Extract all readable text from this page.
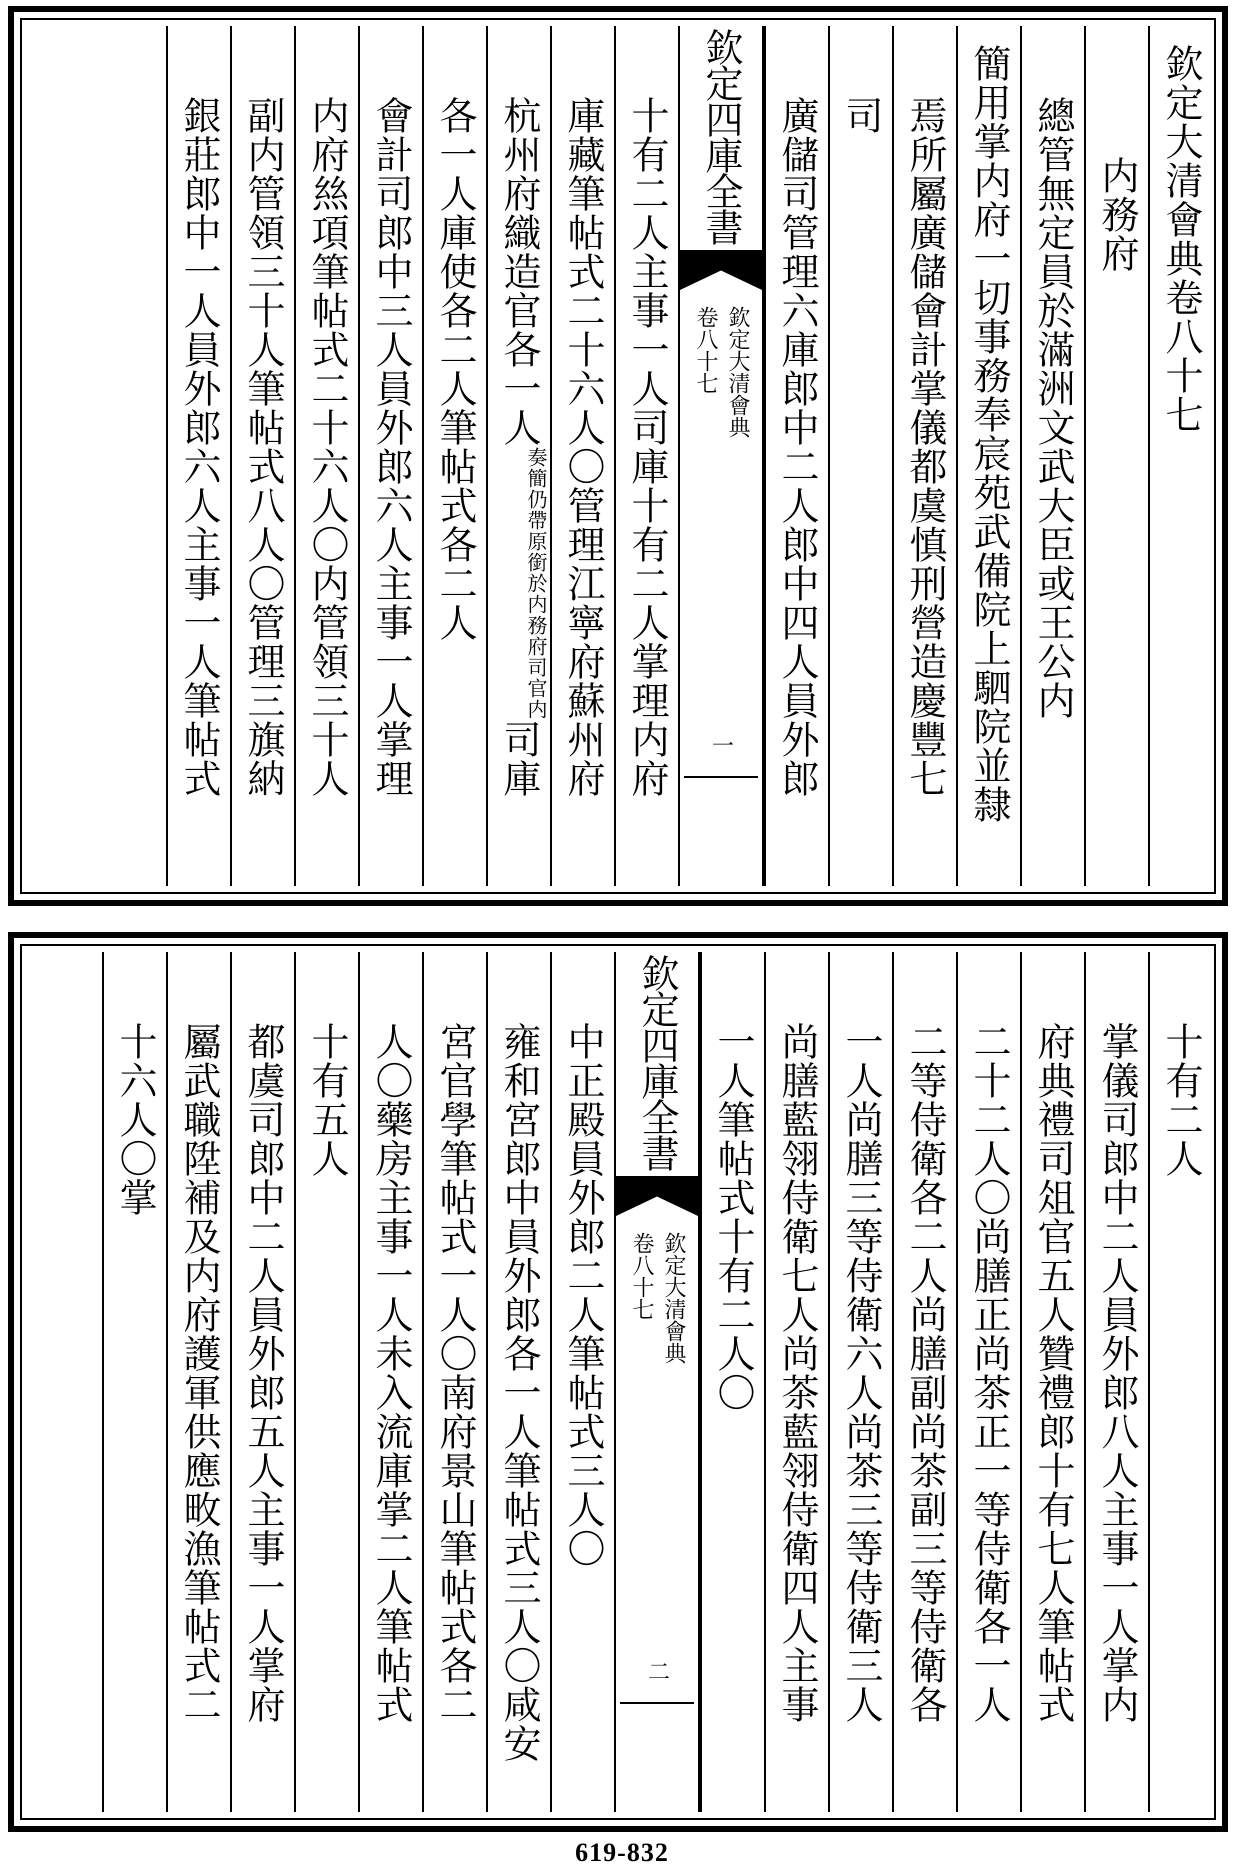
欽定大清會典卷八十七
内務府
總管無定員於滿洲文武大臣或王公内
簡用掌内府一切事務奉宸苑武備院上駟院並隸
焉所屬廣儲會計掌儀都虞慎刑營造慶豐七
司
廣儲司管理六庫郎中二人郎中四人員外郎
欽定四庫全書
欽定大清會典
卷八十七
一
十有二人主事一人司庫十有二人掌理内府
庫藏筆帖式二十六人〇管理江寧府蘇州府
杭州府織造官各一人
於内務府司官内
奏簡仍帶原銜
司庫
各一人庫使各二人筆帖式各二人
會計司郎中三人員外郎六人主事一人掌理
内府𢇁項筆帖式二十六人〇内管領三十人
副内管領三十人筆帖式八人〇管理三旗納
銀莊郎中一人員外郎六人主事一人筆帖式
十有二人
掌儀司郎中二人員外郎八人主事一人掌内
府典禮司俎官五人贊禮郎十有七人筆帖式
二十二人〇尚膳正尚茶正一等侍衛各一人
二等侍衛各二人尚膳副尚茶副三等侍衛各
一人尚膳三等侍衛六人尚茶三等侍衛三人
尚膳藍翎侍衛七人尚茶藍翎侍衛四人主事
一人筆帖式十有二人〇
欽定四庫全書
欽定大清會典
卷八十七
二
中正殿員外郎二人筆帖式三人〇
雍和宮郎中員外郎各一人筆帖式三人〇咸安
宮官學筆帖式一人〇南府景山筆帖式各二
人〇藥房主事一人未入流庫掌二人筆帖式
十有五人
都虞司郎中二人員外郎五人主事一人掌府
屬武職陞補及内府護軍供應畋漁筆帖式二
十六人〇掌
619-832
